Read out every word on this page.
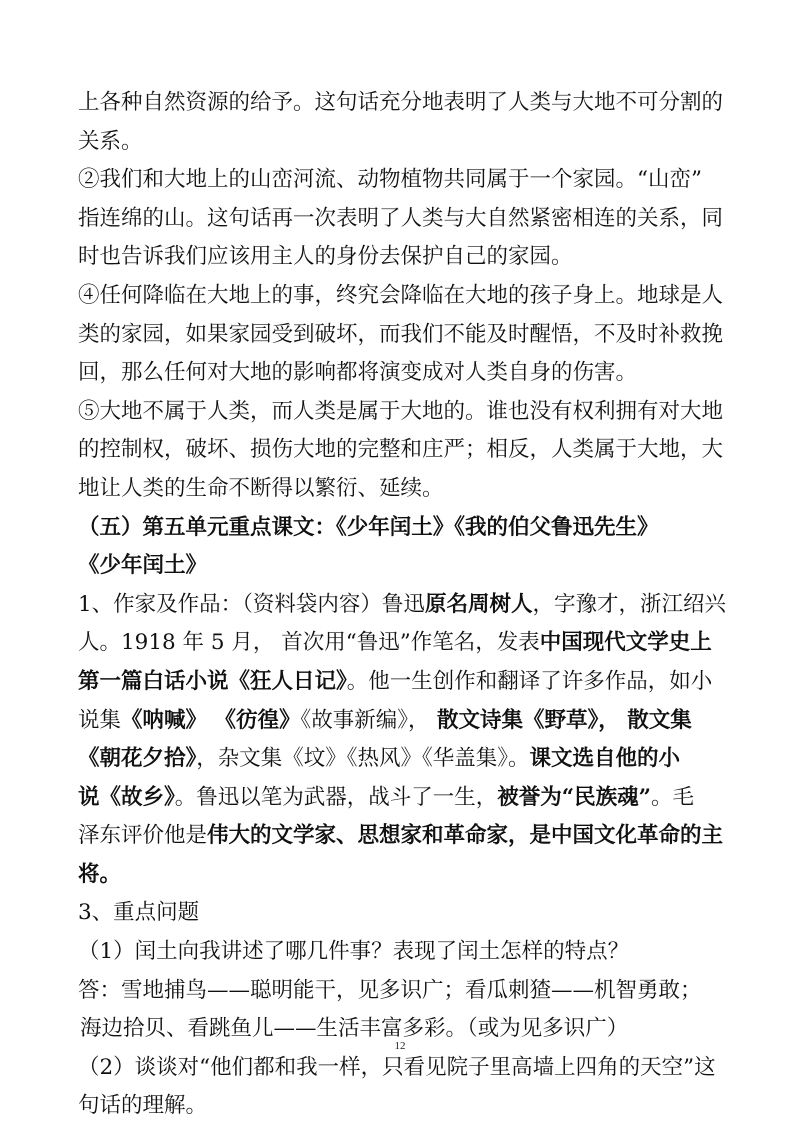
上各种自然资源的给予。这句话充分地表明了人类与大地不可分割的
关系。
②我们和大地上的山峦河流、动物植物共同属于一个家园。“山峦”
指连绵的山。这句话再一次表明了人类与大自然紧密相连的关系，同
时也告诉我们应该用主人的身份去保护自己的家园。
④任何降临在大地上的事，终究会降临在大地的孩子身上。地球是人
类的家园，如果家园受到破坏，而我们不能及时醒悟，不及时补救挽
回，那么任何对大地的影响都将演变成对人类自身的伤害。
⑤大地不属于人类，而人类是属于大地的。谁也没有权利拥有对大地
的控制权，破坏、损伤大地的完整和庄严；相反，人类属于大地，大
地让人类的生命不断得以繁衍、延续。
（五）第五单元重点课文：《少年闰土》《我的伯父鲁迅先生》
《少年闰土》
1、作家及作品：（资料袋内容）鲁迅原名周树人，字豫才，浙江绍兴
人。1918 年 5 月， 首次用“鲁迅”作笔名，发表中国现代文学史上
第一篇白话小说《狂人日记》。他一生创作和翻译了许多作品，如小
说集《呐喊》 《彷徨》《故事新编》， 散文诗集《野草》， 散文集
《朝花夕拾》，杂文集《坟》《热风》《华盖集》。课文选自他的小
说《故乡》。鲁迅以笔为武器，战斗了一生，被誉为“民族魂”。毛
泽东评价他是伟大的文学家、思想家和革命家，是中国文化革命的主
将。
3、重点问题
（1）闰土向我讲述了哪几件事？表现了闰土怎样的特点？
答：雪地捕鸟——聪明能干，见多识广；看瓜刺猹——机智勇敢；
海边拾贝、看跳鱼儿——生活丰富多彩。（或为见多识广）
（2）谈谈对“他们都和我一样，只看见院子里高墙上四角的天空”这
句话的理解。
12
